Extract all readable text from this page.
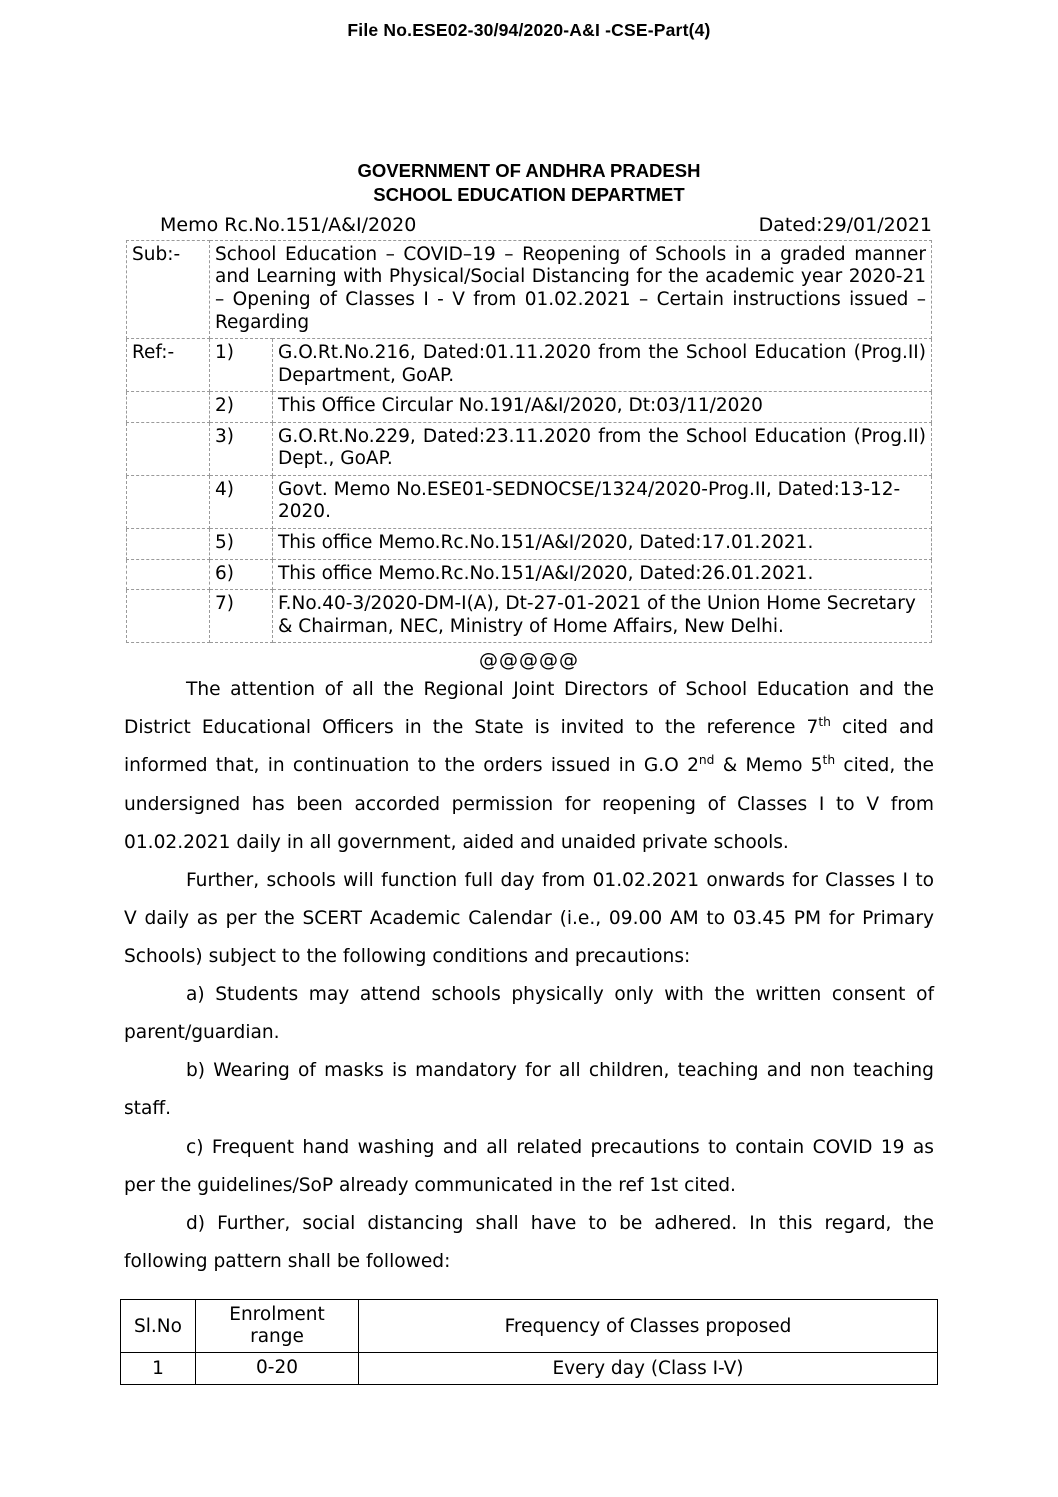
File No.ESE02-30/94/2020-A&I -CSE-Part(4)
GOVERNMENT OF ANDHRA PRADESH
SCHOOL EDUCATION DEPARTMET
Memo Rc.No.151/A&I/2020	Dated:29/01/2021
Sub:-	School Education – COVID–19 – Reopening of Schools in a graded manner and Learning with Physical/Social Distancing for the academic year 2020-21 – Opening of Classes I - V from 01.02.2021 – Certain instructions issued – Regarding	
Ref:-	1)	G.O.Rt.No.216, Dated:01.11.2020 from the School Education (Prog.II) Department, GoAP.
	2)	This Office Circular No.191/A&I/2020, Dt:03/11/2020
	3)	G.O.Rt.No.229, Dated:23.11.2020 from the School Education (Prog.II) Dept., GoAP.
	4)	Govt. Memo No.ESE01-SEDNOCSE/1324/2020-Prog.II, Dated:13-12-2020.
	5)	This office Memo.Rc.No.151/A&I/2020, Dated:17.01.2021.
	6)	This office Memo.Rc.No.151/A&I/2020, Dated:26.01.2021.
	7)	F.No.40-3/2020-DM-I(A), Dt-27-01-2021 of the Union Home Secretary & Chairman, NEC, Ministry of Home Affairs, New Delhi.
@@@@@

The attention of all the Regional Joint Directors of School Education and the District Educational Officers in the State is invited to the reference 7th cited and informed that, in continuation to the orders issued in G.O 2nd & Memo 5th cited, the undersigned has been accorded permission for reopening of Classes I to V from 01.02.2021 daily in all government, aided and unaided private schools.

Further, schools will function full day from 01.02.2021 onwards for Classes I to V daily as per the SCERT Academic Calendar (i.e., 09.00 AM to 03.45 PM for Primary Schools) subject to the following conditions and precautions:

a) Students may attend schools physically only with the written consent of parent/guardian.

b) Wearing of masks is mandatory for all children, teaching and non teaching staff.

c) Frequent hand washing and all related precautions to contain COVID 19 as per the guidelines/SoP already communicated in the ref 1st cited.

d) Further, social distancing shall have to be adhered. In this regard, the following pattern shall be followed:

Sl.No	Enrolment range	Frequency of Classes proposed
1	0-20	Every day (Class I-V)
